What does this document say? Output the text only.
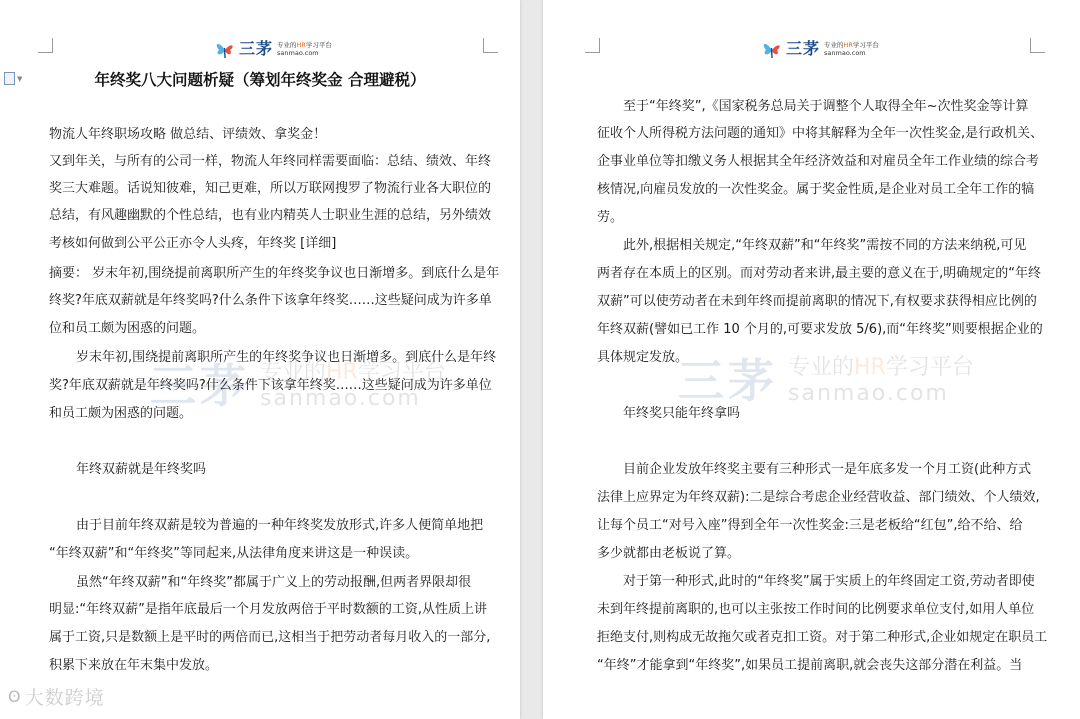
三茅 专业的HR学习平台
sanmao.com
▼
三茅 专业的HR学习平台
sanmao.com
年终奖八大问题析疑（筹划年终奖金 合理避税）
物流人年终职场攻略 做总结、评绩效、拿奖金！
又到年关，与所有的公司一样，物流人年终同样需要面临：总结、绩效、年终
奖三大难题。话说知彼难，知己更难，所以万联网搜罗了物流行业各大职位的
总结，有风趣幽默的个性总结，也有业内精英人士职业生涯的总结，另外绩效
考核如何做到公平公正亦令人头疼，年终奖 [详细]
摘要： 岁末年初,围绕提前离职所产生的年终奖争议也日渐增多。到底什么是年
终奖?年底双薪就是年终奖吗?什么条件下该拿年终奖……这些疑问成为许多单
位和员工颇为困惑的问题。
岁末年初,围绕提前离职所产生的年终奖争议也日渐增多。到底什么是年终
奖?年底双薪就是年终奖吗?什么条件下该拿年终奖……这些疑问成为许多单位
和员工颇为困惑的问题。
年终双薪就是年终奖吗
由于目前年终双薪是较为普遍的一种年终奖发放形式,许多人便简单地把
“年终双薪”和“年终奖”等同起来,从法律角度来讲这是一种误读。
虽然“年终双薪”和“年终奖”都属于广义上的劳动报酬,但两者界限却很
明显:“年终双薪”是指年底最后一个月发放两倍于平时数额的工资,从性质上讲
属于工资,只是数额上是平时的两倍而已,这相当于把劳动者每月收入的一部分,
积累下来放在年末集中发放。
ʘ 大数跨境
三茅 专业的HR学习平台
sanmao.com
三茅 专业的HR学习平台
sanmao.com
至于“年终奖”,《国家税务总局关于调整个人取得全年~次性奖金等计算
征收个人所得税方法问题的通知》中将其解释为全年一次性奖金,是行政机关、
企事业单位等扣缴义务人根据其全年经济效益和对雇员全年工作业绩的综合考
核情况,向雇员发放的一次性奖金。属于奖金性质,是企业对员工全年工作的犒
劳。
此外,根据相关规定,“年终双薪”和“年终奖”需按不同的方法来纳税,可见
两者存在本质上的区别。而对劳动者来讲,最主要的意义在于,明确规定的“年终
双薪”可以使劳动者在未到年终而提前离职的情况下,有权要求获得相应比例的
年终双薪(譬如已工作 10 个月的,可要求发放 5/6),而“年终奖”则要根据企业的
具体规定发放。
年终奖只能年终拿吗
目前企业发放年终奖主要有三种形式一是年底多发一个月工资(此种方式
法律上应界定为年终双薪):二是综合考虑企业经营收益、部门绩效、个人绩效,
让每个员工“对号入座”得到全年一次性奖金:三是老板给“红包”,给不给、给
多少就都由老板说了算。
对于第一种形式,此时的“年终奖”属于实质上的年终固定工资,劳动者即使
未到年终提前离职的,也可以主张按工作时间的比例要求单位支付,如用人单位
拒绝支付,则构成无故拖欠或者克扣工资。对于第二种形式,企业如规定在职员工
“年终”才能拿到“年终奖”,如果员工提前离职,就会丧失这部分潜在利益。当
